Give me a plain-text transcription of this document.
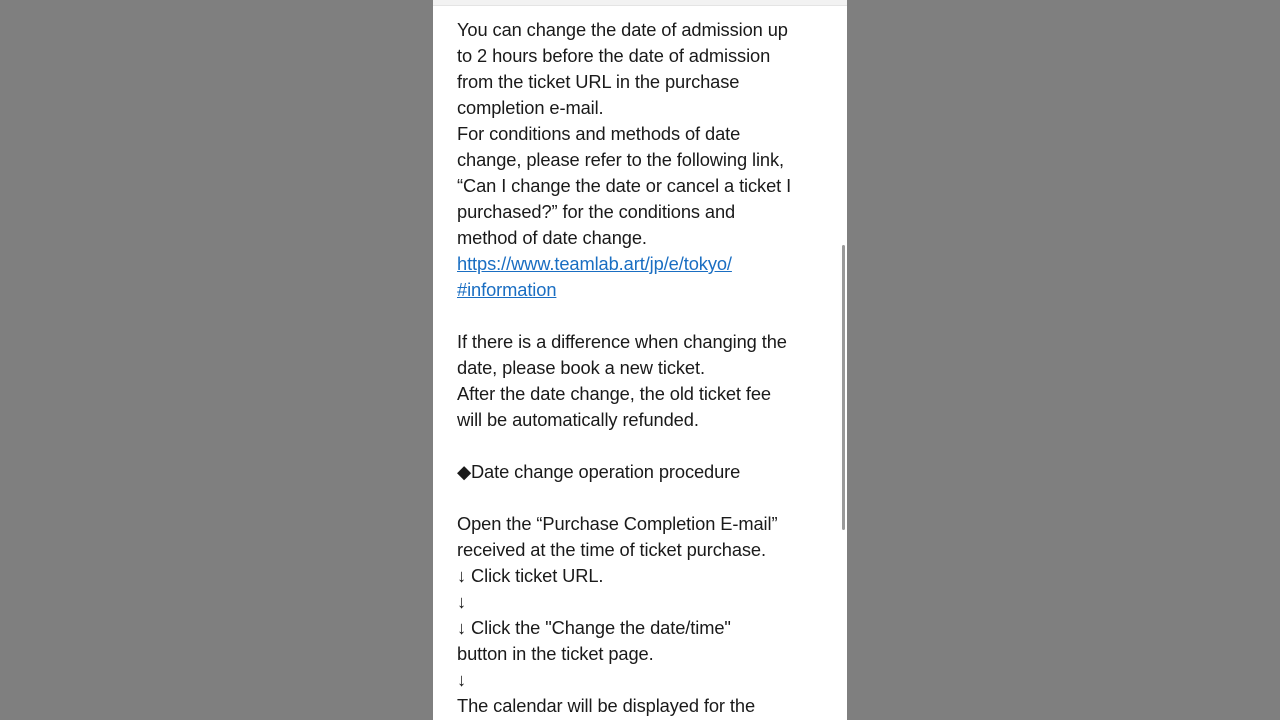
You can change the date of admission up
to 2 hours before the date of admission
from the ticket URL in the purchase
completion e-mail.
For conditions and methods of date
change, please refer to the following link,
“Can I change the date or cancel a ticket I
purchased?” for the conditions and
method of date change.
https://www.teamlab.art/jp/e/tokyo/
#information
If there is a difference when changing the
date, please book a new ticket.
After the date change, the old ticket fee
will be automatically refunded.
◆Date change operation procedure
Open the “Purchase Completion E-mail”
received at the time of ticket purchase.
↓ Click ticket URL.
↓
↓ Click the "Change the date/time"
button in the ticket page.
↓
The calendar will be displayed for the
